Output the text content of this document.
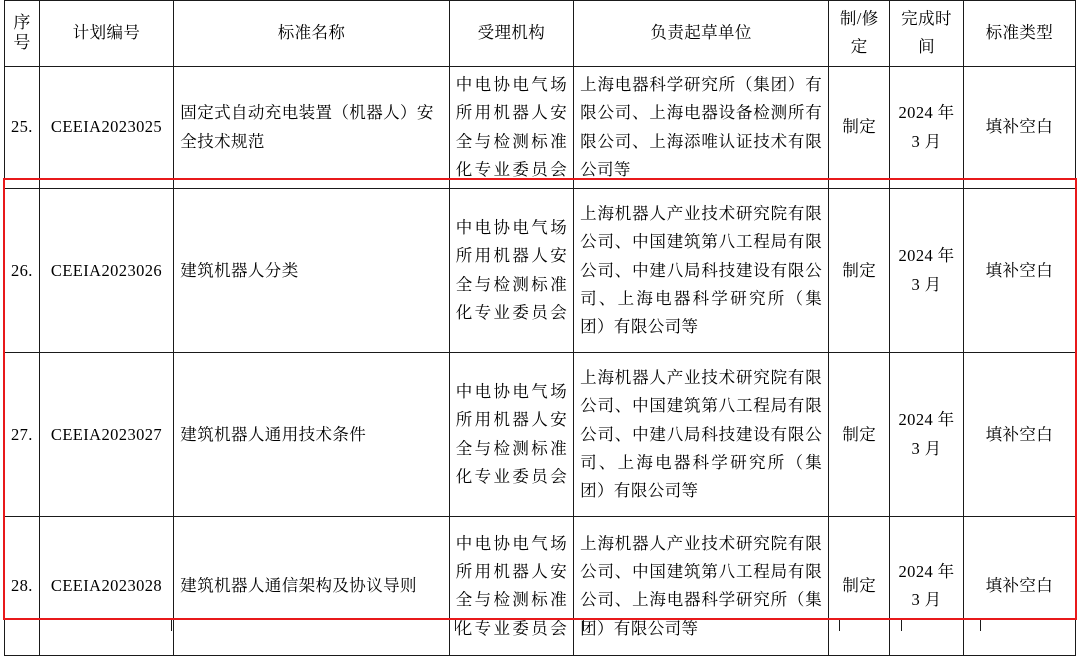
序号	计划编号	标准名称	受理机构	负责起草单位	制/修定	完成时间	标准类型
25.	CEEIA2023025	固定式自动充电装置（机器人）安全技术规范	中电协电气场所用机器人安全与检测标准化专业委员会	上海电器科学研究所（集团）有限公司、上海电器设备检测所有限公司、上海添唯认证技术有限公司等	制定	2024 年 3 月	填补空白
26.	CEEIA2023026	建筑机器人分类	中电协电气场所用机器人安全与检测标准化专业委员会	上海机器人产业技术研究院有限公司、中国建筑第八工程局有限公司、中建八局科技建设有限公司、上海电器科学研究所（集团）有限公司等	制定	2024 年 3 月	填补空白
27.	CEEIA2023027	建筑机器人通用技术条件	中电协电气场所用机器人安全与检测标准化专业委员会	上海机器人产业技术研究院有限公司、中国建筑第八工程局有限公司、中建八局科技建设有限公司、上海电器科学研究所（集团）有限公司等	制定	2024 年 3 月	填补空白
28.	CEEIA2023028	建筑机器人通信架构及协议导则	中电协电气场所用机器人安全与检测标准化专业委员会	上海机器人产业技术研究院有限公司、中国建筑第八工程局有限公司、上海电器科学研究所（集团）有限公司等	制定	2024 年 3 月	填补空白
